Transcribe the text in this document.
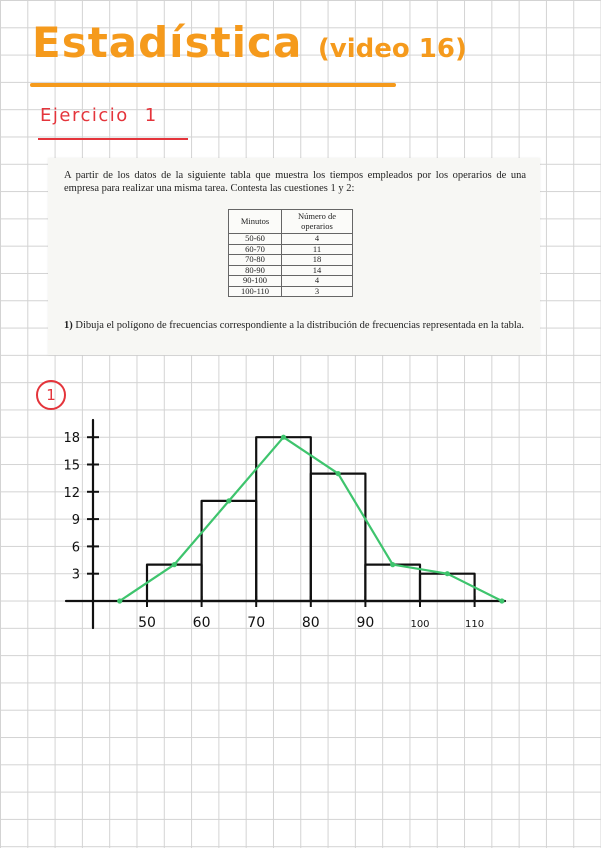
Estadística (video 16)
Ejercicio 1

A partir de los datos de la siguiente tabla que muestra los tiempos empleados por los operarios de una empresa para realizar una misma tarea. Contesta las cuestiones 1 y 2:

Minutos	Número de operarios
50-60	4
60-70	11
70-80	18
80-90	14
90-100	4
100-110	3

1) Dibuja el polígono de frecuencias correspondiente a la distribución de frecuencias representada en la tabla.

1
3
6
9
12
15
18
50	60	70	80	90	100	110
